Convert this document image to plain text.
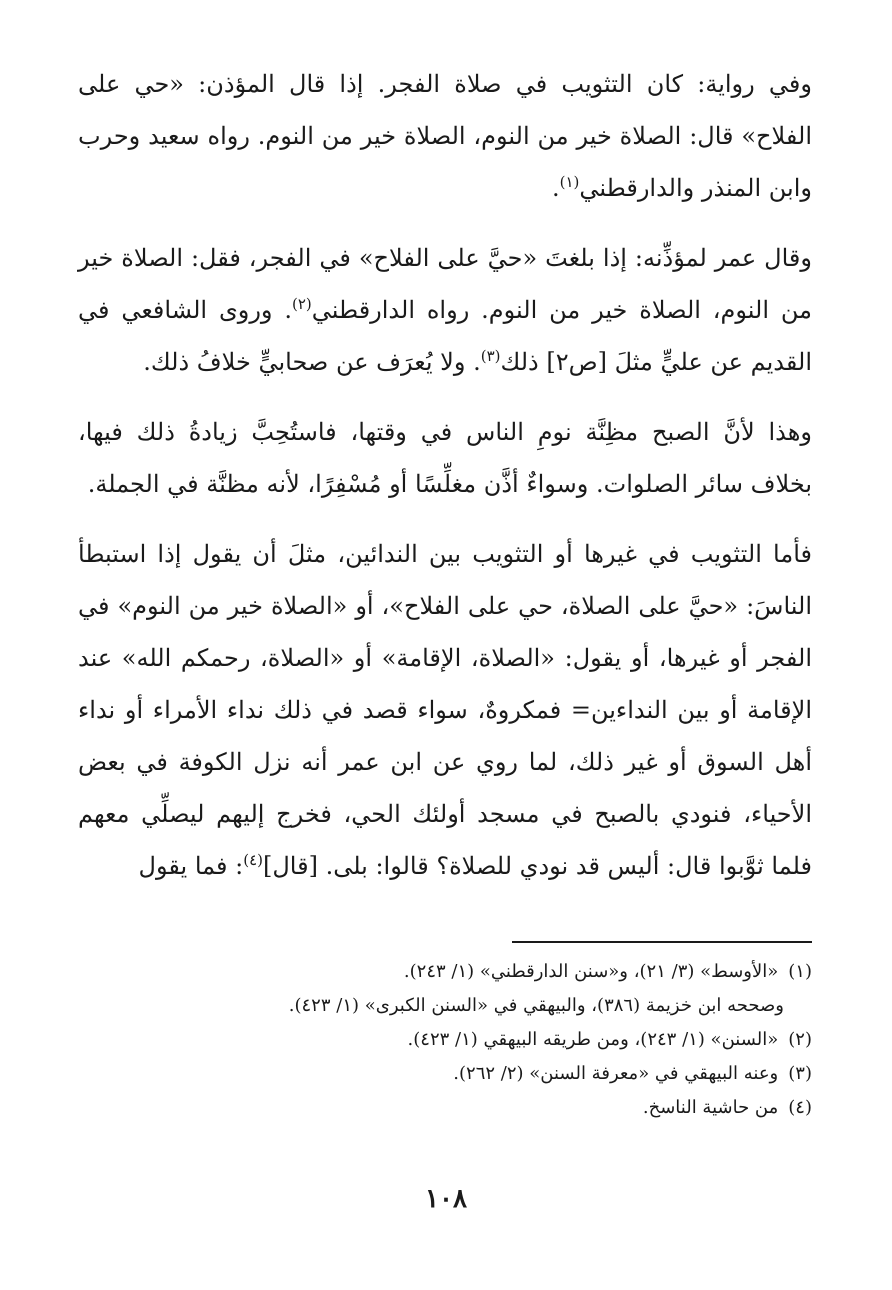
وفي رواية: كان التثويب في صلاة الفجر. إذا قال المؤذن: «حي على الفلاح» قال: الصلاة خير من النوم، الصلاة خير من النوم. رواه سعيد وحرب وابن المنذر والدارقطني$^{(١)}$.

وقال عمر لمؤذِّنه: إذا بلغتَ «حيَّ على الفلاح» في الفجر، فقل: الصلاة خير من النوم، الصلاة خير من النوم. رواه الدارقطني$^{(٢)}$. وروى الشافعي في القديم عن عليٍّ مثلَ [ص٢] ذلك$^{(٣)}$. ولا يُعرَف عن صحابيٍّ خلافُ ذلك.

وهذا لأنَّ الصبح مظِنَّة نومِ الناس في وقتها، فاستُحِبَّ زيادةُ ذلك فيها، بخلاف سائر الصلوات. وسواءٌ أذَّن مغلِّسًا أو مُسْفِرًا، لأنه مظنَّة في الجملة.

فأما التثويب في غيرها أو التثويب بين الندائين، مثلَ أن يقول إذا استبطأ الناسَ: «حيَّ على الصلاة، حي على الفلاح»، أو «الصلاة خير من النوم» في الفجر أو غيرها، أو يقول: «الصلاة، الإقامة» أو «الصلاة، رحمكم الله» عند الإقامة أو بين النداءين= فمكروهٌ، سواء قصد في ذلك نداء الأمراء أو نداء أهل السوق أو غير ذلك، لما روي عن ابن عمر أنه نزل الكوفة في بعض الأحياء، فنودي بالصبح في مسجد أولئك الحي، فخرج إليهم ليصلِّي معهم فلما ثوَّبوا قال: أليس قد نودي للصلاة؟ قالوا: بلى. [قال]$^{(٤)}$: فما يقول

(١)«الأوسط» (٣/ ٢١)، و«سنن الدارقطني» (١/ ٢٤٣).

وصححه ابن خزيمة (٣٨٦)، والبيهقي في «السنن الكبرى» (١/ ٤٢٣).

(٢)«السنن» (١/ ٢٤٣)، ومن طريقه البيهقي (١/ ٤٢٣).

(٣)وعنه البيهقي في «معرفة السنن» (٢/ ٢٦٢).

(٤)من حاشية الناسخ.

١٠٨
